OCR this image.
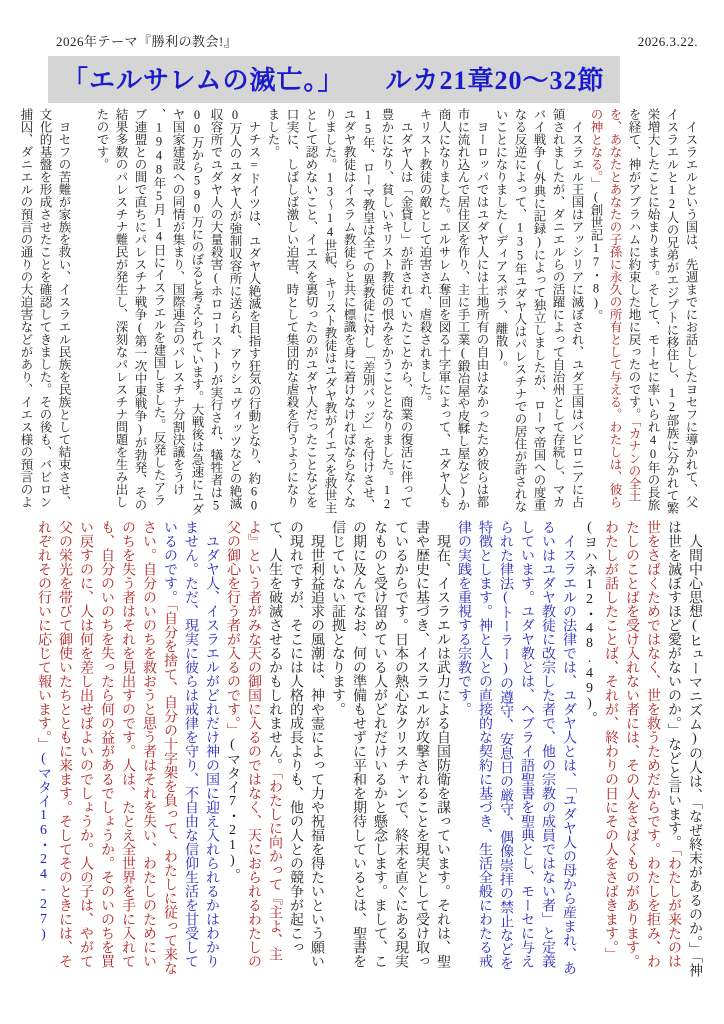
2026年テーマ『勝利の教会!』	2026.3.22.
「エルサレムの滅亡。」　　ルカ21章20〜32節
　イスラエルという国は、先週までにお話ししたヨセフに導かれて、父
イスラエルと12人の兄弟がエジプトに移住し、12部族に分かれて繁
栄増大したことに始まります。そして、モーセに率いられ40年の長旅
を経て、神がアブラハムに約束した地に戻ったのです。「カナンの全土
を、あなたとあなたの子孫に永久の所有として与える。わたしは、彼ら
の神となる。」(創世記17・8)。
　イスラエル王国はアッシリアに滅ぼされ、ユダ王国はバビロニアに占
領されましたが、ダニエルらの活躍によって自治州として存続し、マカ
バイ戦争(外典に記録)によって独立しましたが、ローマ帝国への度重
なる反逆によって、135年ユダヤ人はパレスチナでの居住が許されな
いことになりました(ディアスポラ、離散)。
　ヨーロッパではユダヤ人には土地所有の自由はなかったため彼らは都
市に流れ込んで居住区を作り、主に手工業(鍛冶屋や皮鞣し屋など)か
商人になりました。エルサレム奪回を図る十字軍によって、ユダヤ人も
キリスト教徒の敵として迫害され、虐殺されました。
　ユダヤ人は「金貸し」が許されていたことから、商業の復活に伴って
豊かになり、貧しいキリスト教徒の恨みをかうこととなりました。12
15年、ローマ教皇は全ての異教徒に対し「差別バッジ」を付けさせ、
ユダヤ教徒はイスラム教徒らと共に標識を身に着けなければならなくな
りました。13〜14世紀、キリスト教徒はユダヤ教がイエスを救世主
として認めないこと、イエスを裏切ったのがユダヤ人だったことなどを
口実に、しばしば激しい迫害、時として集団的な虐殺を行うようになり
ました。
　ナチス=ドイツは、ユダヤ人絶滅を目指す狂気の行動となり、約60
0万人のユダヤ人が強制収容所に送られ、アウシュヴィッツなどの絶滅
収容所でユダヤ人の大量殺害(ホロコースト)が実行され、犠牲者は5
00万から590万にのぼると考えられています。大戦後は急速にユダ
ヤ国家建設への同情が集まり、国際連合のパレスチナ分割決議をうけ
、1948年5月14日にイスラエルを建国しました。反発したアラ
ブ連盟との間で直ちにパレスチナ戦争(第一次中東戦争)が勃発、その
結果多数のパレスチナ難民が発生し、深刻なパレスチナ問題を生み出し
たのです。
　ヨセフの苦難が家族を救い、イスラエル民族を民族として結束させ、
文化的基盤を形成させたことを確認してきました。その後も、バビロン
捕囚、ダニエルの預言の通りの大迫害などがあり、イエス様の預言のよ
　人間中心思想(ヒューマニズム)の人は、「なぜ終末があるのか。」「神
は世を滅ぼすほど愛がないのか。」などと言います。「わたしが来たのは
世をさばくためではなく、世を救うためだからです。わたしを拒み、わ
たしのことばを受け入れない者には、その人をさばくものがあります。
わたしが話したことば、それが、終わりの日にその人をさばきます。」
(ヨハネ12・48.49)。
　イスラエルの法律では、ユダヤ人とは、「ユダヤ人の母から産まれ、あ
るいはユダヤ教徒に改宗した者で、他の宗教の成員ではない者」と定義
しています。ユダヤ教とは、ヘブライ語聖書を聖典とし、モーセに与え
られた律法(トーラー)の遵守、安息日の厳守、偶像崇拝の禁止などを
特徴とします。神と人との直接的な契約に基づき、生活全般にわたる戒
律の実践を重視する宗教です。
　現在、イスラエルは武力による自国防衛を謀っています。それは、聖
書や歴史に基づき、イスラエルが攻撃されることを現実として受け取っ
ているからです。日本の熱心なクリスチャンで、終末を直ぐにある現実
なものと受け留めている人がどれだけいるかと懸念します。まして、こ
の期に及んでなお、何の準備もせずに平和を期待しているとは、聖書を
信じていない証拠となります。
　現世利益追求の風潮は、神や霊によって力や祝福を得たいという願い
の現れですが、そこには人格的成長よりも、他の人との競争が起こっ
て、人生を破滅させるかもしれません。「わたしに向かって『主よ、主
よ』という者がみな天の御国に入るのではなく、天におられるわたしの
父の御心を行う者が入るのです。」(マタイ7・21)。
　ユダヤ人、イスラエルがどれだけ神の国に迎え入れられるかはわかり
ません。ただ、現実に彼らは戒律を守り、不自由な信仰生活を甘受して
いるのです。「自分を捨て、自分の十字架を負って、わたしに従って来な
さい。自分のいのちを救おうと思う者はそれを失い、わたしのためにい
のちを失う者はそれを見出すのです。人は、たとえ全世界を手に入れて
も、自分のいのちを失ったら何の益があるでしょうか。そのいのちを買
い戻すのに、人は何を差し出せばよいのでしょうか。人の子は、やがて
父の栄光を帯びて御使いたちとともに来ます。そしてそのときには、そ
れぞれその行いに応じて報います。」(マタイ16・24-27)
